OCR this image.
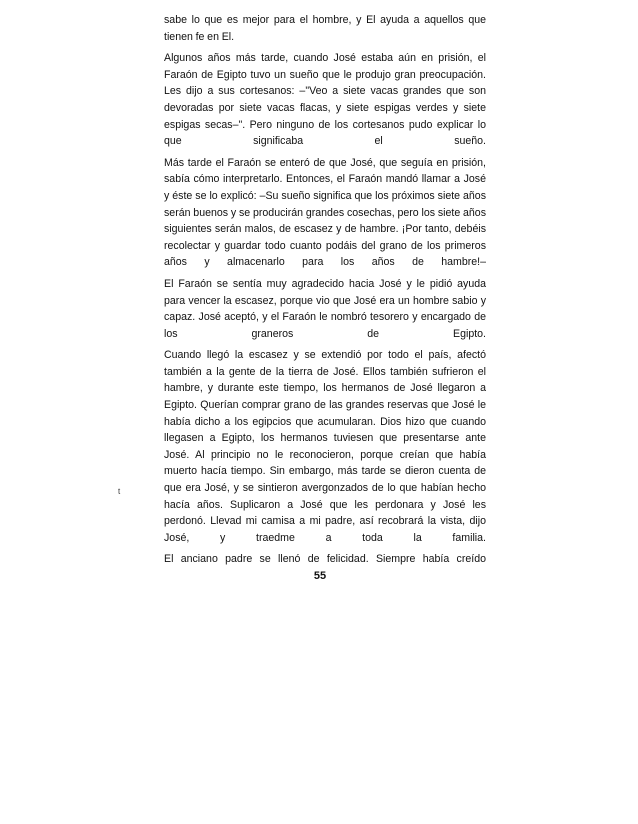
sabe lo que es mejor para el hombre, y El ayuda a aquellos que tienen fe en El.

Algunos años más tarde, cuando José estaba aún en prisión, el Faraón de Egipto tuvo un sueño que le produjo gran preocupación. Les dijo a sus cortesanos: –"Veo a siete vacas grandes que son devoradas por siete vacas flacas, y siete espigas verdes y siete espigas secas–". Pero ninguno de los cortesanos pudo explicar lo que significaba el sueño.

Más tarde el Faraón se enteró de que José, que seguía en prisión, sabía cómo interpretarlo. Entonces, el Faraón mandó llamar a José y éste se lo explicó: –Su sueño significa que los próximos siete años serán buenos y se producirán grandes cosechas, pero los siete años siguientes serán malos, de escasez y de hambre. ¡Por tanto, debéis recolectar y guardar todo cuanto podáis del grano de los primeros años y almacenarlo para los años de hambre!–

El Faraón se sentía muy agradecido hacia José y le pidió ayuda para vencer la escasez, porque vio que José era un hombre sabio y capaz. José aceptó, y el Faraón le nombró tesorero y encargado de los graneros de Egipto.

Cuando llegó la escasez y se extendió por todo el país, afectó también a la gente de la tierra de José. Ellos también sufrieron el hambre, y durante este tiempo, los hermanos de José llegaron a Egipto. Querían comprar grano de las grandes reservas que José le había dicho a los egipcios que acumularan. Dios hizo que cuando llegasen a Egipto, los hermanos tuviesen que presentarse ante José. Al principio no le reconocieron, porque creían que había muerto hacía tiempo. Sin embargo, más tarde se dieron cuenta de que era José, y se sintieron avergonzados de lo que habían hecho hacía años. Suplicaron a José que les perdonara y José les perdonó. Llevad mi camisa a mi padre, así recobrará la vista, dijo José, y traedme a toda la familia.

El anciano padre se llenó de felicidad. Siempre había creído

t
55
